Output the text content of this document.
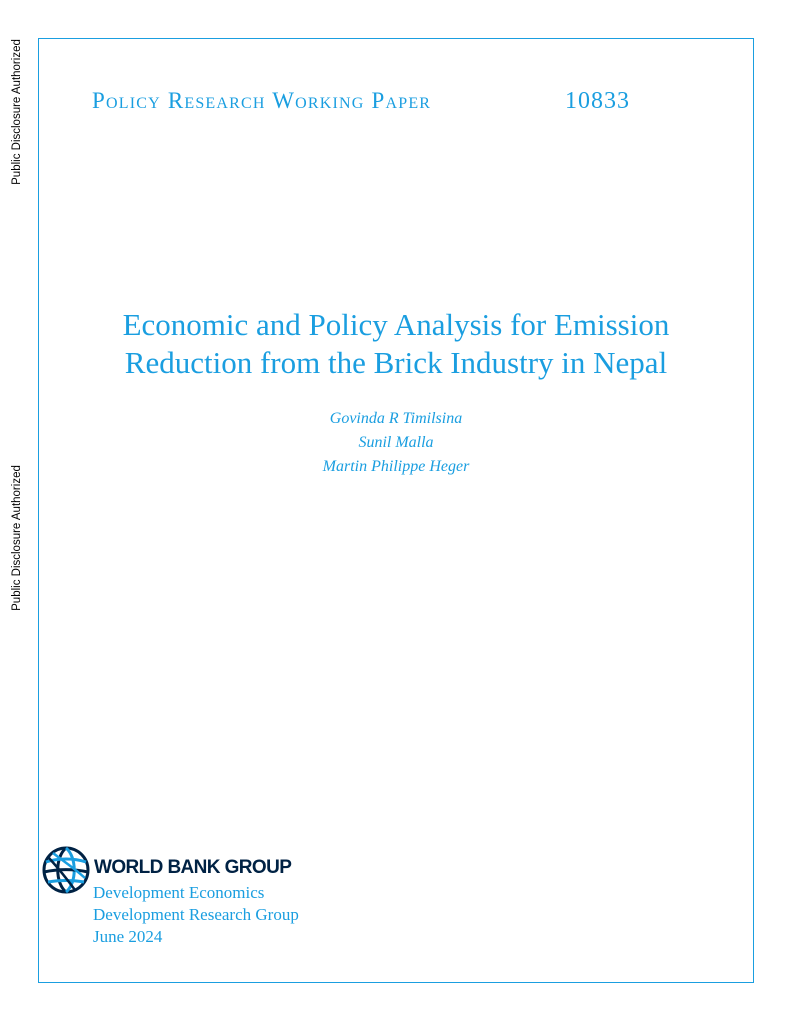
Public Disclosure Authorized
Public Disclosure Authorized
Policy Research Working Paper	10833
Economic and Policy Analysis for Emission
Reduction from the Brick Industry in Nepal
Govinda R Timilsina
Sunil Malla
Martin Philippe Heger
WORLD BANK GROUP
Development Economics
Development Research Group
June 2024
